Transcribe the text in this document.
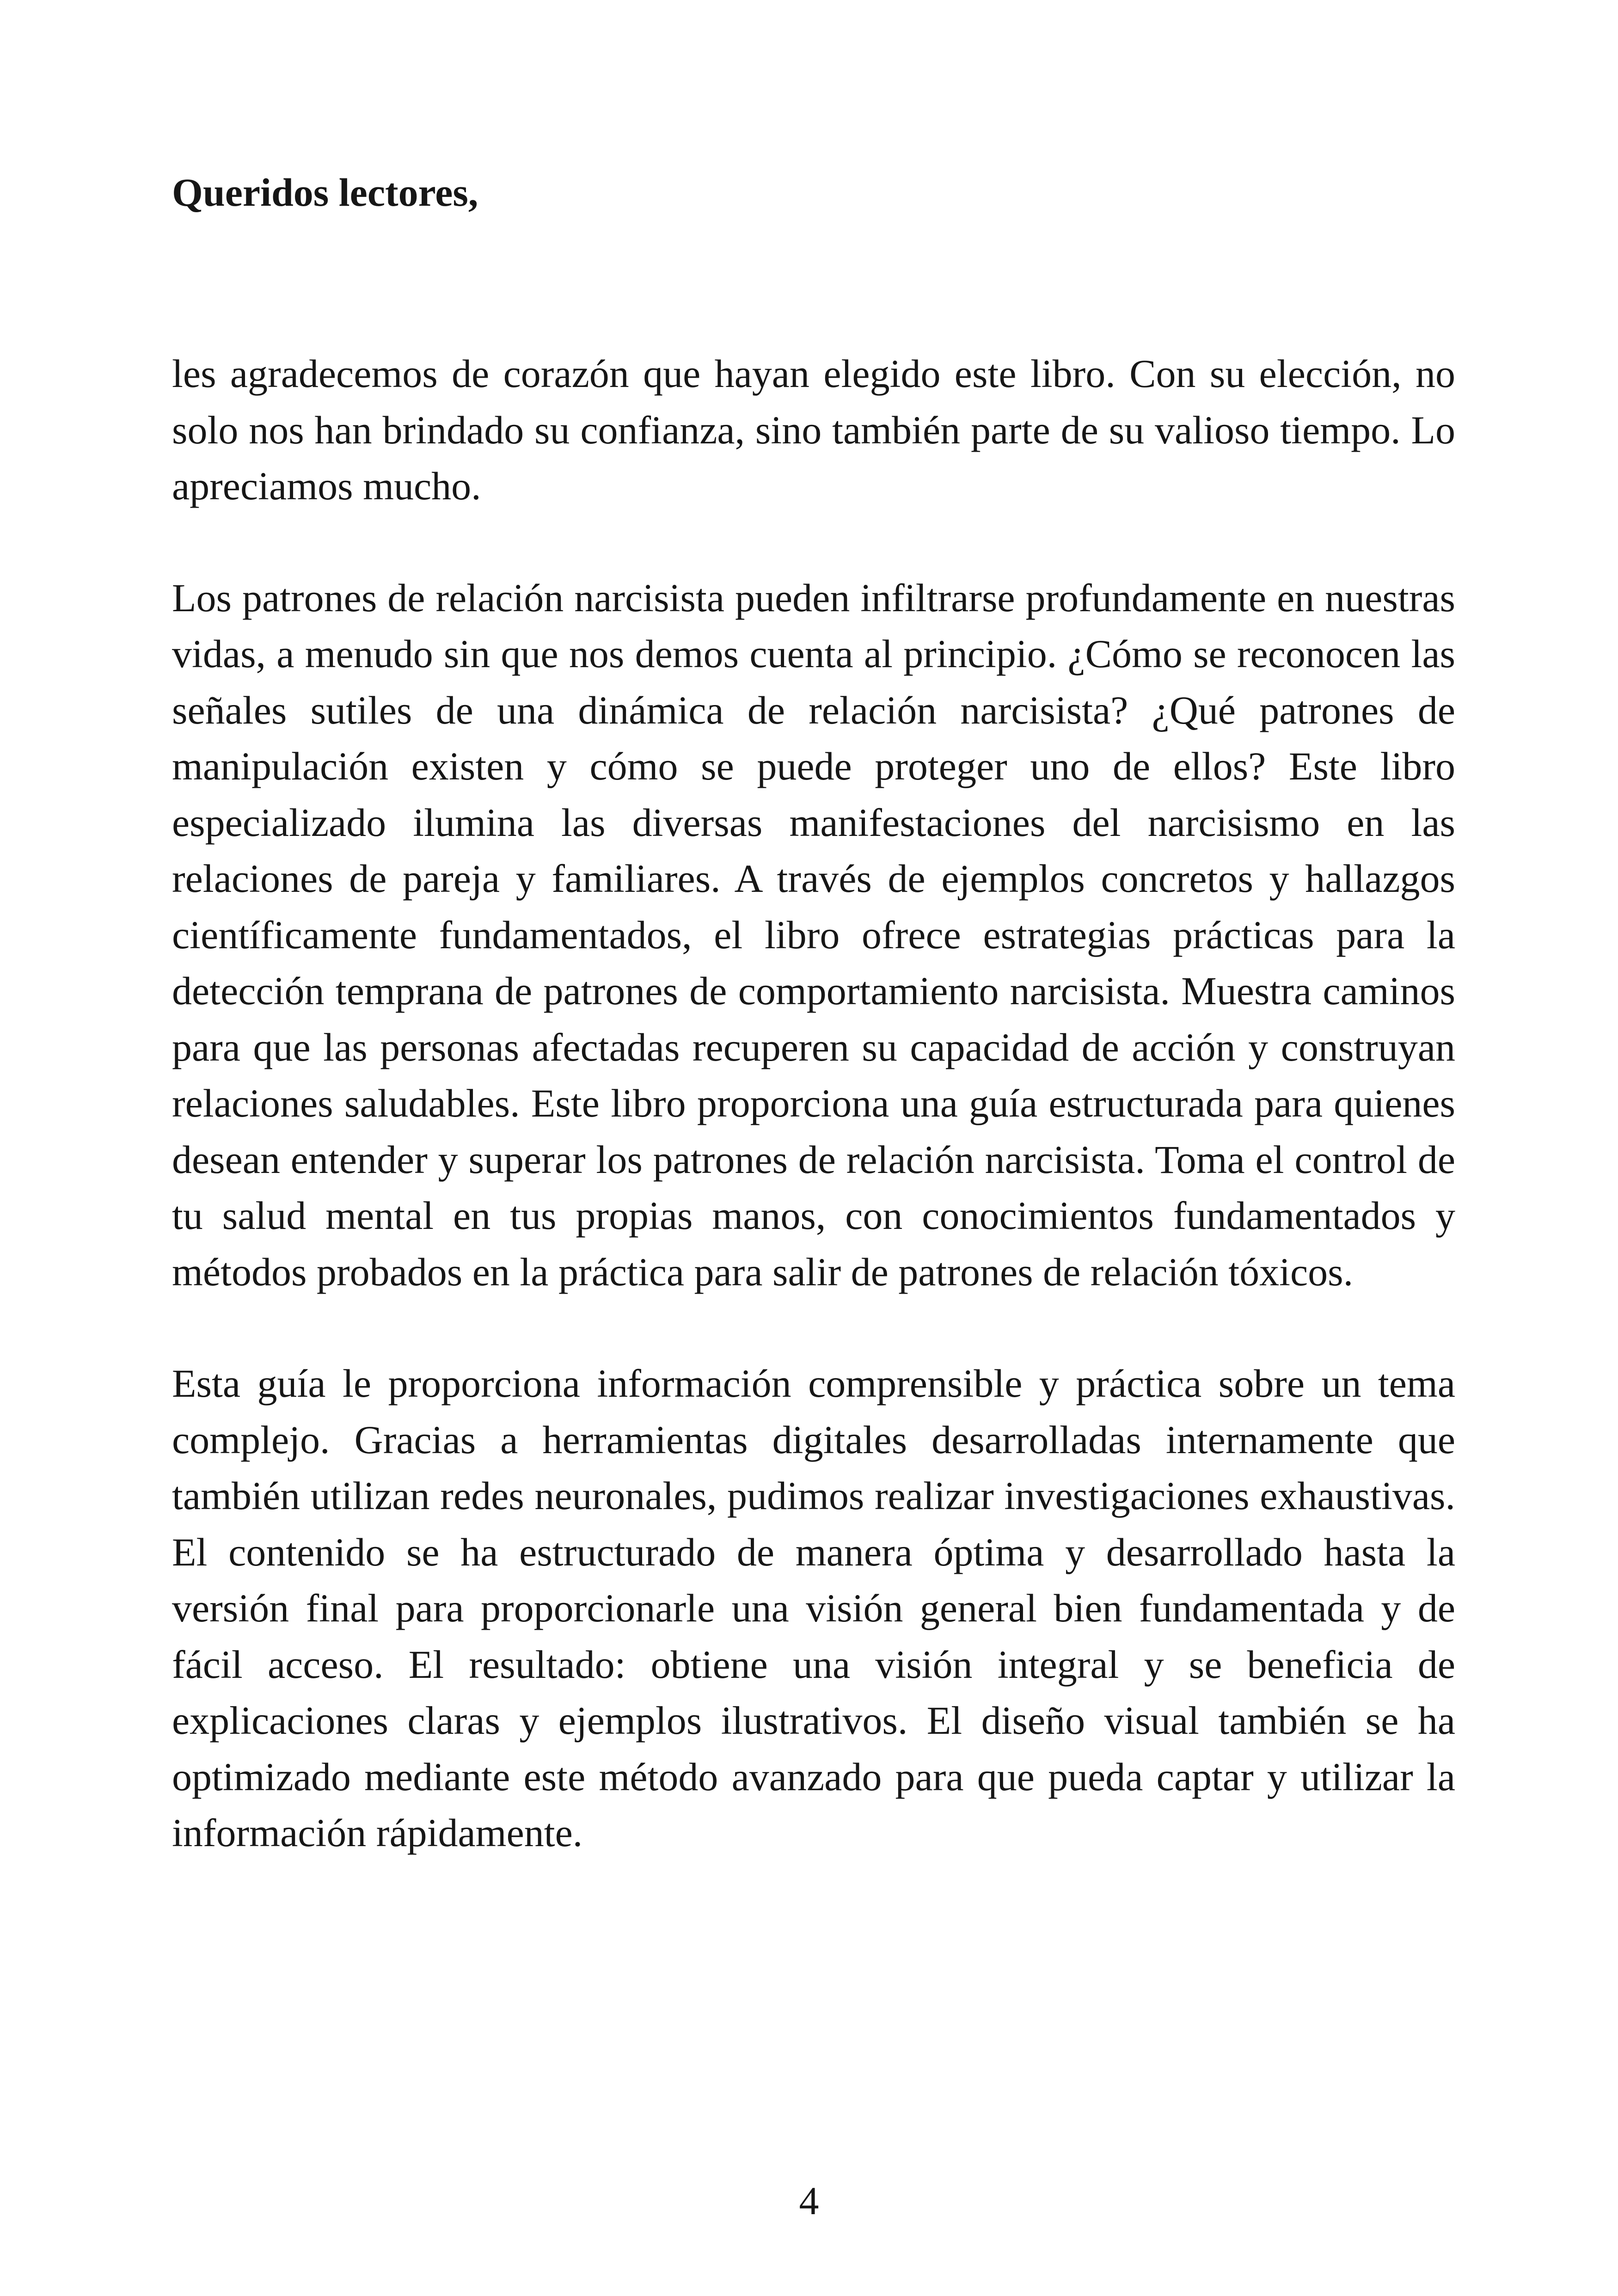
Queridos lectores,

les agradecemos de corazón que hayan elegido este libro. Con su elección, no solo nos han brindado su confianza, sino también parte de su valioso tiempo. Lo apreciamos mucho.

Los patrones de relación narcisista pueden infiltrarse profundamente en nuestras vidas, a menudo sin que nos demos cuenta al principio. ¿Cómo se reconocen las señales sutiles de una dinámica de relación narcisista? ¿Qué patrones de manipulación existen y cómo se puede proteger uno de ellos? Este libro especializado ilumina las diversas manifestaciones del narcisismo en las relaciones de pareja y familiares. A través de ejemplos concretos y hallazgos científicamente fundamentados, el libro ofrece estrategias prácticas para la detección temprana de patrones de comportamiento narcisista. Muestra caminos para que las personas afectadas recuperen su capacidad de acción y construyan relaciones saludables. Este libro proporciona una guía estructurada para quienes desean entender y superar los patrones de relación narcisista. Toma el control de tu salud mental en tus propias manos, con conocimientos fundamentados y métodos probados en la práctica para salir de patrones de relación tóxicos.

Esta guía le proporciona información comprensible y práctica sobre un tema complejo. Gracias a herramientas digitales desarrolladas internamente que también utilizan redes neuronales, pudimos realizar investigaciones exhaustivas. El contenido se ha estructurado de manera óptima y desarrollado hasta la versión final para proporcionarle una visión general bien fundamentada y de fácil acceso. El resultado: obtiene una visión integral y se beneficia de explicaciones claras y ejemplos ilustrativos. El diseño visual también se ha optimizado mediante este método avanzado para que pueda captar y utilizar la información rápidamente.

4
